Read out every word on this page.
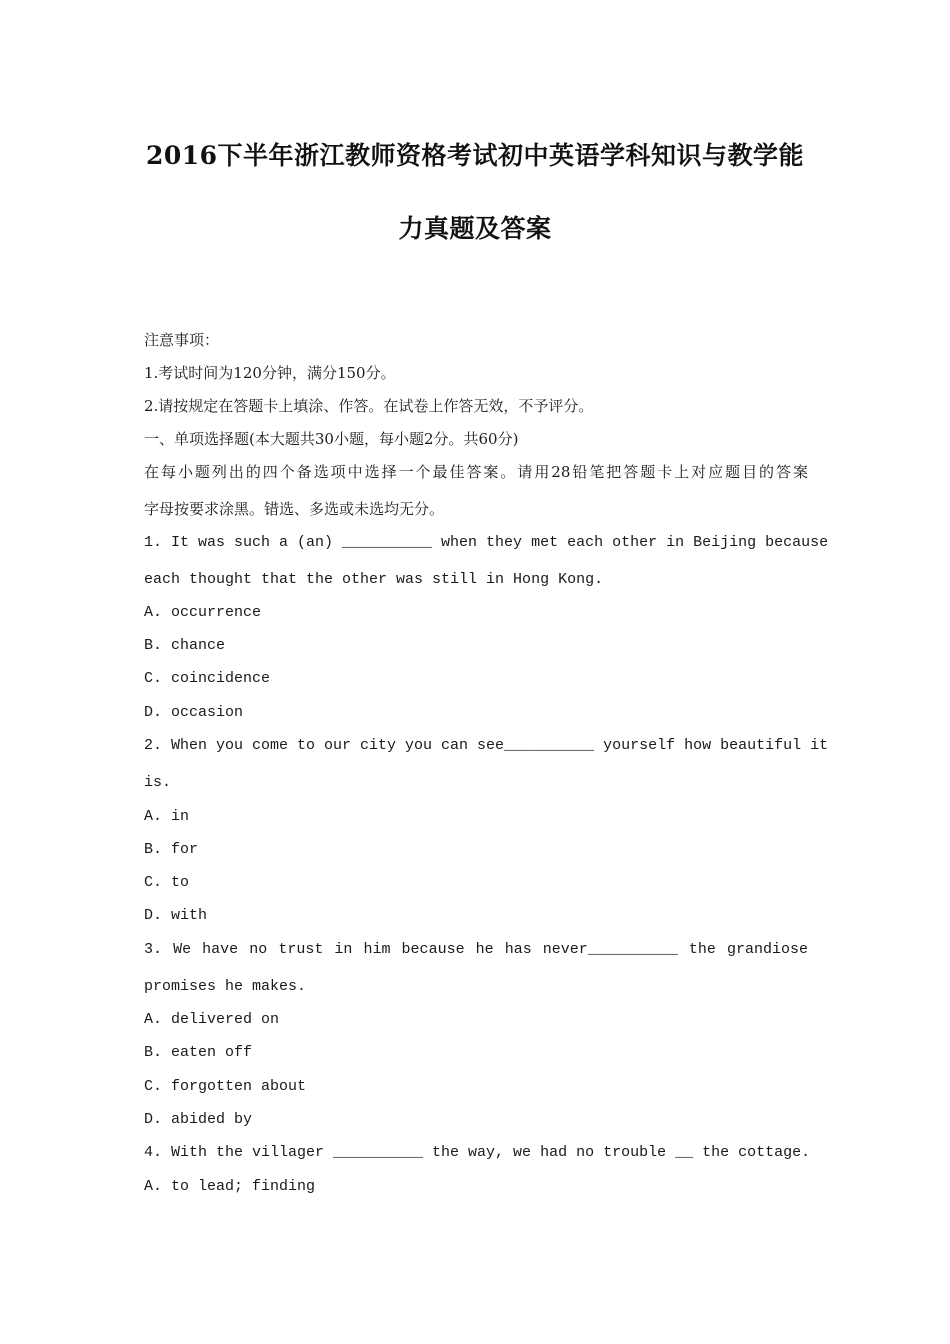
2016下半年浙江教师资格考试初中英语学科知识与教学能
力真题及答案
注意事项：
1.考试时间为120分钟，满分150分。
2.请按规定在答题卡上填涂、作答。在试卷上作答无效，不予评分。
一、单项选择题(本大题共30小题，每小题2分。共60分)
在每小题列出的四个备选项中选择一个最佳答案。请用28铅笔把答题卡上对应题目的答案
字母按要求涂黑。错选、多选或未选均无分。
1. It was such a (an) __________ when they met each other in Beijing because
each thought that the other was still in Hong Kong.
A. occurrence
B. chance
C. coincidence
D. occasion
2. When you come to our city you can see__________ yourself how beautiful it
is.
A. in
B. for
C. to
D. with
3. We have no trust in him because he has never__________ the grandiose
promises he makes.
A. delivered on
B. eaten off
C. forgotten about
D. abided by
4. With the villager __________ the way, we had no trouble __ the cottage.
A. to lead; finding
